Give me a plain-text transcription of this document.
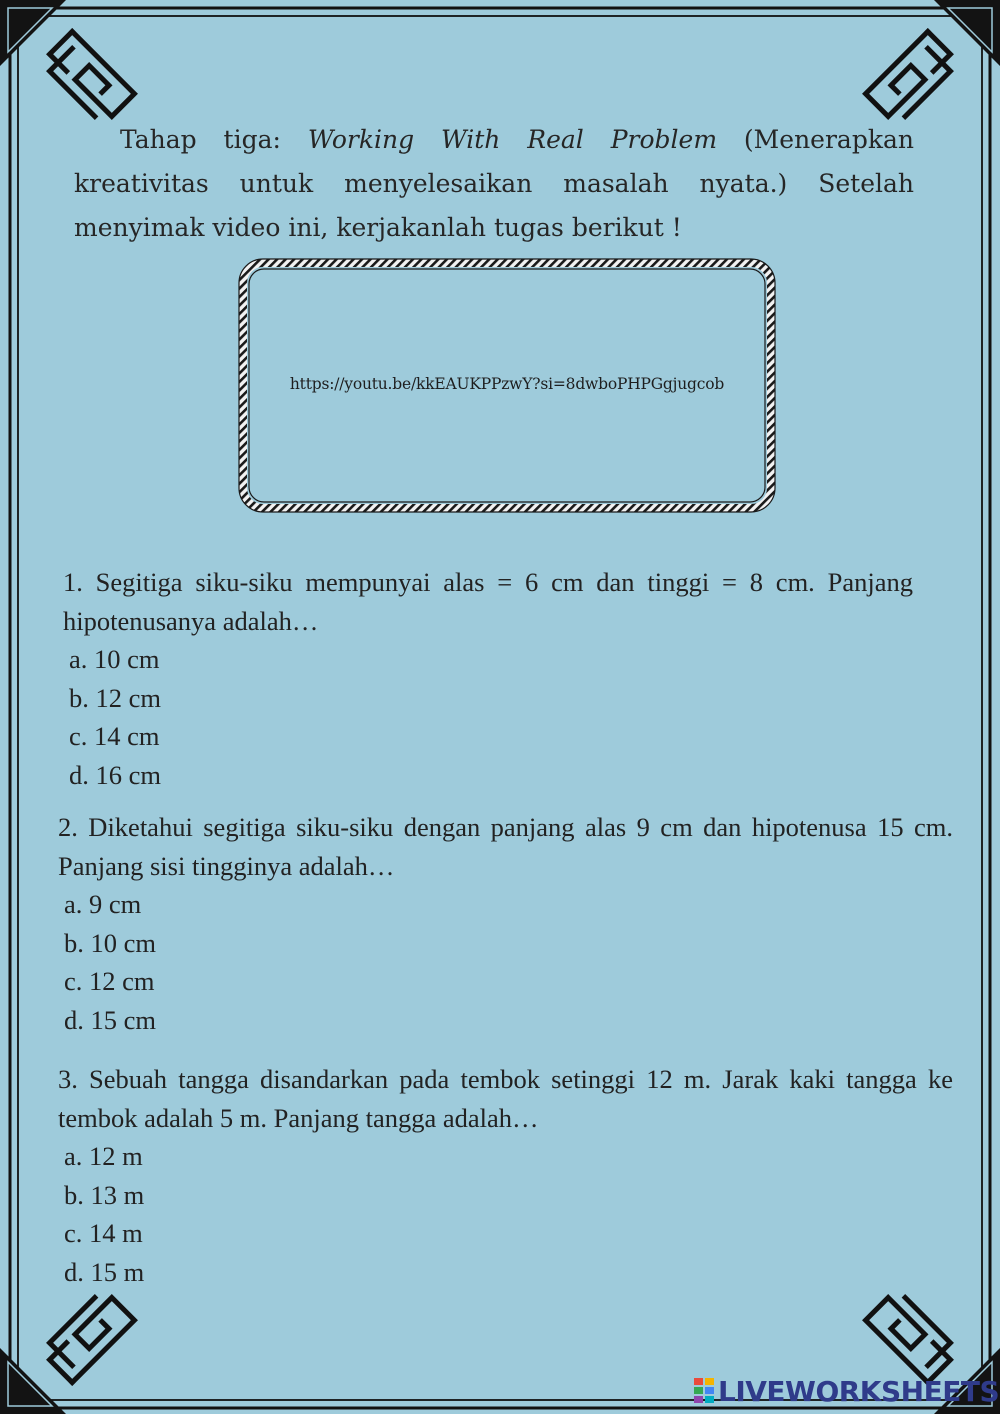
Tahap tiga: Working With Real Problem (Menerapkan kreativitas untuk menyelesaikan masalah nyata.) Setelah menyimak video ini, kerjakanlah tugas berikut !
https://youtu.be/kkEAUKPPzwY?si=8dwboPHPGgjugcob
1. Segitiga siku-siku mempunyai alas = 6 cm dan tinggi = 8 cm. Panjang hipotenusanya adalah…
a. 10 cm
b. 12 cm
c. 14 cm
d. 16 cm
2. Diketahui segitiga siku-siku dengan panjang alas 9 cm dan hipotenusa 15 cm. Panjang sisi tingginya adalah…
a. 9 cm
b. 10 cm
c. 12 cm
d. 15 cm
3. Sebuah tangga disandarkan pada tembok setinggi 12 m. Jarak kaki tangga ke tembok adalah 5 m. Panjang tangga adalah…
a. 12 m
b. 13 m
c. 14 m
d. 15 m
LIVEWORKSHEETS
